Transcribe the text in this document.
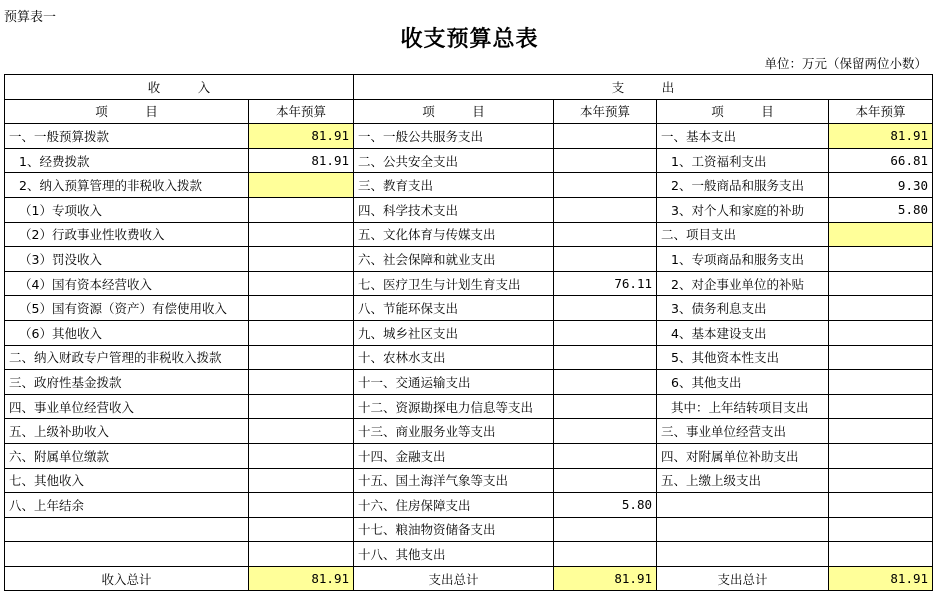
预算表一
收支预算总表
单位：万元（保留两位小数）
收　　　入		支　　　出			
项　　　目	本年预算	项　　　目	本年预算	项　　　目	本年预算
一、一般预算拨款	81.91	一、一般公共服务支出		一、基本支出	81.91
1、经费拨款	81.91	二、公共安全支出		1、工资福利支出	66.81
2、纳入预算管理的非税收入拨款		三、教育支出		2、一般商品和服务支出	9.30
（1）专项收入		四、科学技术支出		3、对个人和家庭的补助	5.80
（2）行政事业性收费收入		五、文化体育与传媒支出		二、项目支出	
（3）罚没收入		六、社会保障和就业支出		1、专项商品和服务支出	
（4）国有资本经营收入		七、医疗卫生与计划生育支出	76.11	2、对企事业单位的补贴	
（5）国有资源（资产）有偿使用收入		八、节能环保支出		3、债务利息支出	
（6）其他收入		九、城乡社区支出		4、基本建设支出	
二、纳入财政专户管理的非税收入拨款		十、农林水支出		5、其他资本性支出	
三、政府性基金拨款		十一、交通运输支出		6、其他支出	
四、事业单位经营收入		十二、资源勘探电力信息等支出		其中：上年结转项目支出	
五、上级补助收入		十三、商业服务业等支出		三、事业单位经营支出	
六、附属单位缴款		十四、金融支出		四、对附属单位补助支出	
七、其他收入		十五、国土海洋气象等支出		五、上缴上级支出	
八、上年结余		十六、住房保障支出	5.80		
		十七、粮油物资储备支出			
		十八、其他支出			
收入总计	81.91	支出总计	81.91	支出总计	81.91
